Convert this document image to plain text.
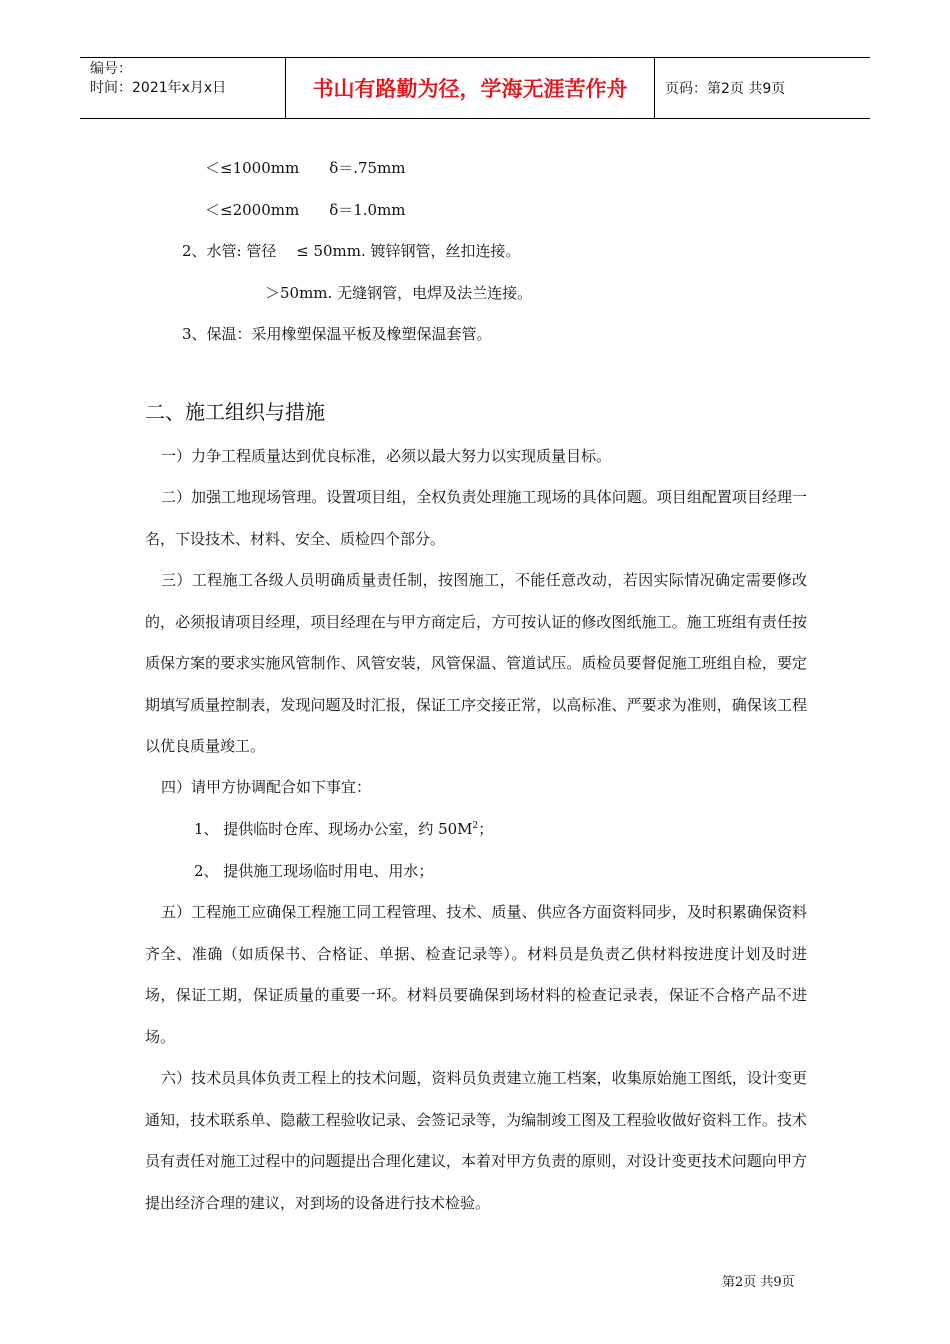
编号：
时间：2021年x月x日	书山有路勤为径，学海无涯苦作舟	页码：第2页 共9页
＜≤1000mm　　δ＝.75mm
＜≤2000mm　　δ＝1.0mm
2、水管: 管径　 ≤ 50mm. 镀锌钢管，丝扣连接。
＞50mm. 无缝钢管，电焊及法兰连接。
3、保温：采用橡塑保温平板及橡塑保温套管。
二、施工组织与措施
一）力争工程质量达到优良标准，必须以最大努力以实现质量目标。
二）加强工地现场管理。设置项目组，全权负责处理施工现场的具体问题。项目组配置项目经理一名，下设技术、材料、安全、质检四个部分。
三）工程施工各级人员明确质量责任制，按图施工，不能任意改动，若因实际情况确定需要修改的，必须报请项目经理，项目经理在与甲方商定后，方可按认证的修改图纸施工。施工班组有责任按质保方案的要求实施风管制作、风管安装，风管保温、管道试压。质检员要督促施工班组自检，要定期填写质量控制表，发现问题及时汇报，保证工序交接正常，以高标准、严要求为准则，确保该工程以优良质量竣工。
四）请甲方协调配合如下事宜：
1、 提供临时仓库、现场办公室，约 $50M^2$；
2、 提供施工现场临时用电、用水；
五）工程施工应确保工程施工同工程管理、技术、质量、供应各方面资料同步，及时积累确保资料齐全、准确（如质保书、合格证、单据、检查记录等）。材料员是负责乙供材料按进度计划及时进场，保证工期，保证质量的重要一环。材料员要确保到场材料的检查记录表，保证不合格产品不进场。
六）技术员具体负责工程上的技术问题，资料员负责建立施工档案，收集原始施工图纸，设计变更通知，技术联系单、隐蔽工程验收记录、会签记录等，为编制竣工图及工程验收做好资料工作。技术员有责任对施工过程中的问题提出合理化建议，本着对甲方负责的原则，对设计变更技术问题向甲方提出经济合理的建议，对到场的设备进行技术检验。
第2页 共9页
